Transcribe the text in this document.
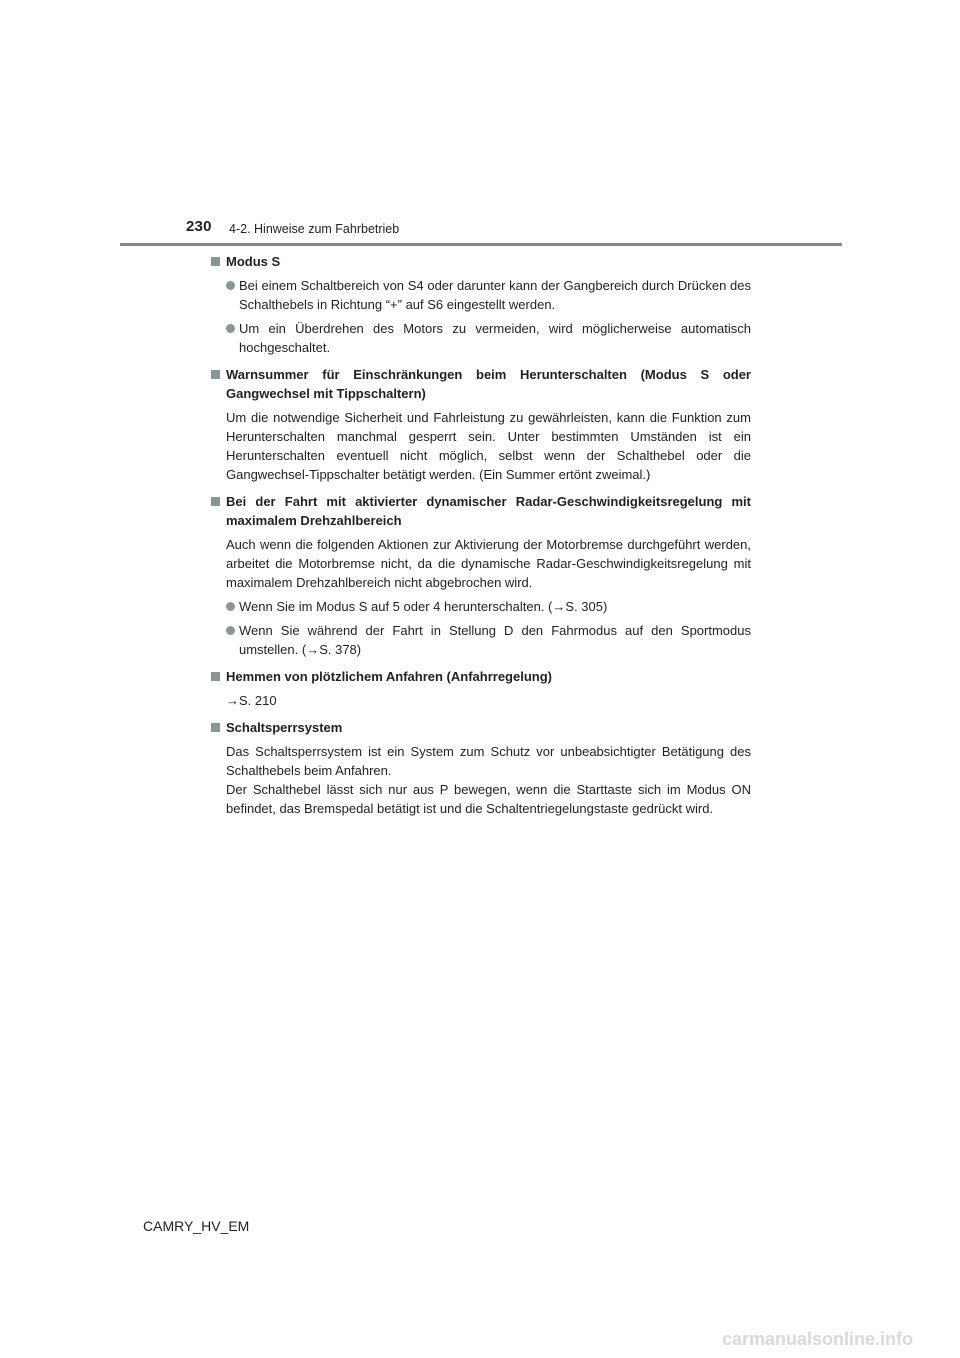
230 4-2. Hinweise zum Fahrbetrieb
Modus S
Bei einem Schaltbereich von S4 oder darunter kann der Gangbereich durch Drücken des Schalthebels in Richtung “+” auf S6 eingestellt werden.
Um ein Überdrehen des Motors zu vermeiden, wird möglicherweise automatisch hochgeschaltet.
Warnsummer für Einschränkungen beim Herunterschalten (Modus S oder Gangwechsel mit Tippschaltern)
Um die notwendige Sicherheit und Fahrleistung zu gewährleisten, kann die Funktion zum Herunterschalten manchmal gesperrt sein. Unter bestimmten Umständen ist ein Herunterschalten eventuell nicht möglich, selbst wenn der Schalthebel oder die Gangwechsel-Tippschalter betätigt werden. (Ein Summer ertönt zweimal.)
Bei der Fahrt mit aktivierter dynamischer Radar-Geschwindigkeitsregelung mit maximalem Drehzahlbereich
Auch wenn die folgenden Aktionen zur Aktivierung der Motorbremse durchgeführt werden, arbeitet die Motorbremse nicht, da die dynamische Radar-Geschwindigkeitsregelung mit maximalem Drehzahlbereich nicht abgebrochen wird.
Wenn Sie im Modus S auf 5 oder 4 herunterschalten. (→S. 305)
Wenn Sie während der Fahrt in Stellung D den Fahrmodus auf den Sportmodus umstellen. (→S. 378)
Hemmen von plötzlichem Anfahren (Anfahrregelung)
→S. 210
Schaltsperrsystem
Das Schaltsperrsystem ist ein System zum Schutz vor unbeabsichtigter Betätigung des Schalthebels beim Anfahren.
Der Schalthebel lässt sich nur aus P bewegen, wenn die Starttaste sich im Modus ON befindet, das Bremspedal betätigt ist und die Schaltentriegelungstaste gedrückt wird.
CAMRY_HV_EM
carmanualsonline.info
